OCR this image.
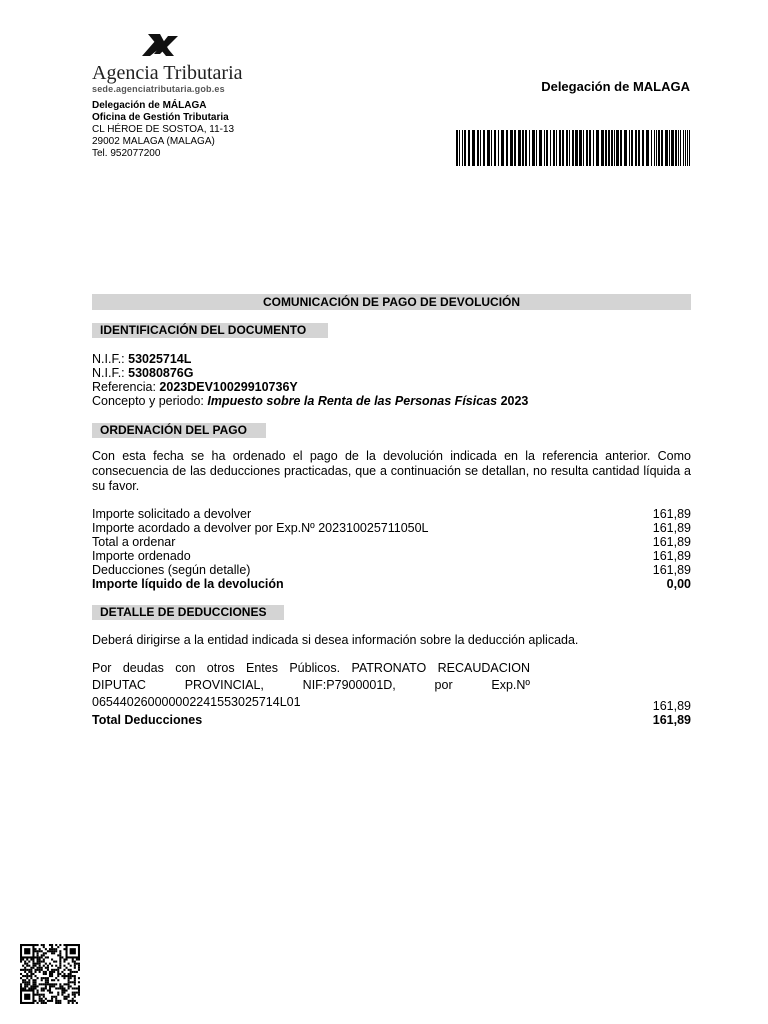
Agencia Tributaria
sede.agenciatributaria.gob.es	Delegación de MALAGA
Delegación de MÁLAGA
Oficina de Gestión Tributaria
CL HÉROE DE SOSTOA, 11-13
29002 MALAGA (MALAGA)
Tel. 952077200
COMUNICACIÓN DE PAGO DE DEVOLUCIÓN
IDENTIFICACIÓN DEL DOCUMENTO
N.I.F.: 53025714L
N.I.F.: 53080876G
Referencia: 2023DEV10029910736Y
Concepto y periodo: Impuesto sobre la Renta de las Personas Físicas 2023
ORDENACIÓN DEL PAGO
Con esta fecha se ha ordenado el pago de la devolución indicada en la referencia anterior. Como consecuencia de las deducciones practicadas, que a continuación se detallan, no resulta cantidad líquida a su favor.
Importe solicitado a devolver	161,89
Importe acordado a devolver por Exp.Nº 202310025711050L	161,89
Total a ordenar	161,89
Importe ordenado	161,89
Deducciones (según detalle)	161,89
Importe líquido de la devolución	0,00
DETALLE DE DEDUCCIONES
Deberá dirigirse a la entidad indicada si desea información sobre la deducción aplicada.
Por deudas con otros Entes Públicos. PATRONATO RECAUDACION
DIPUTAC PROVINCIAL, NIF:P7900001D, por Exp.Nº
065440260000002241553025714L01	161,89
Total Deducciones	161,89
